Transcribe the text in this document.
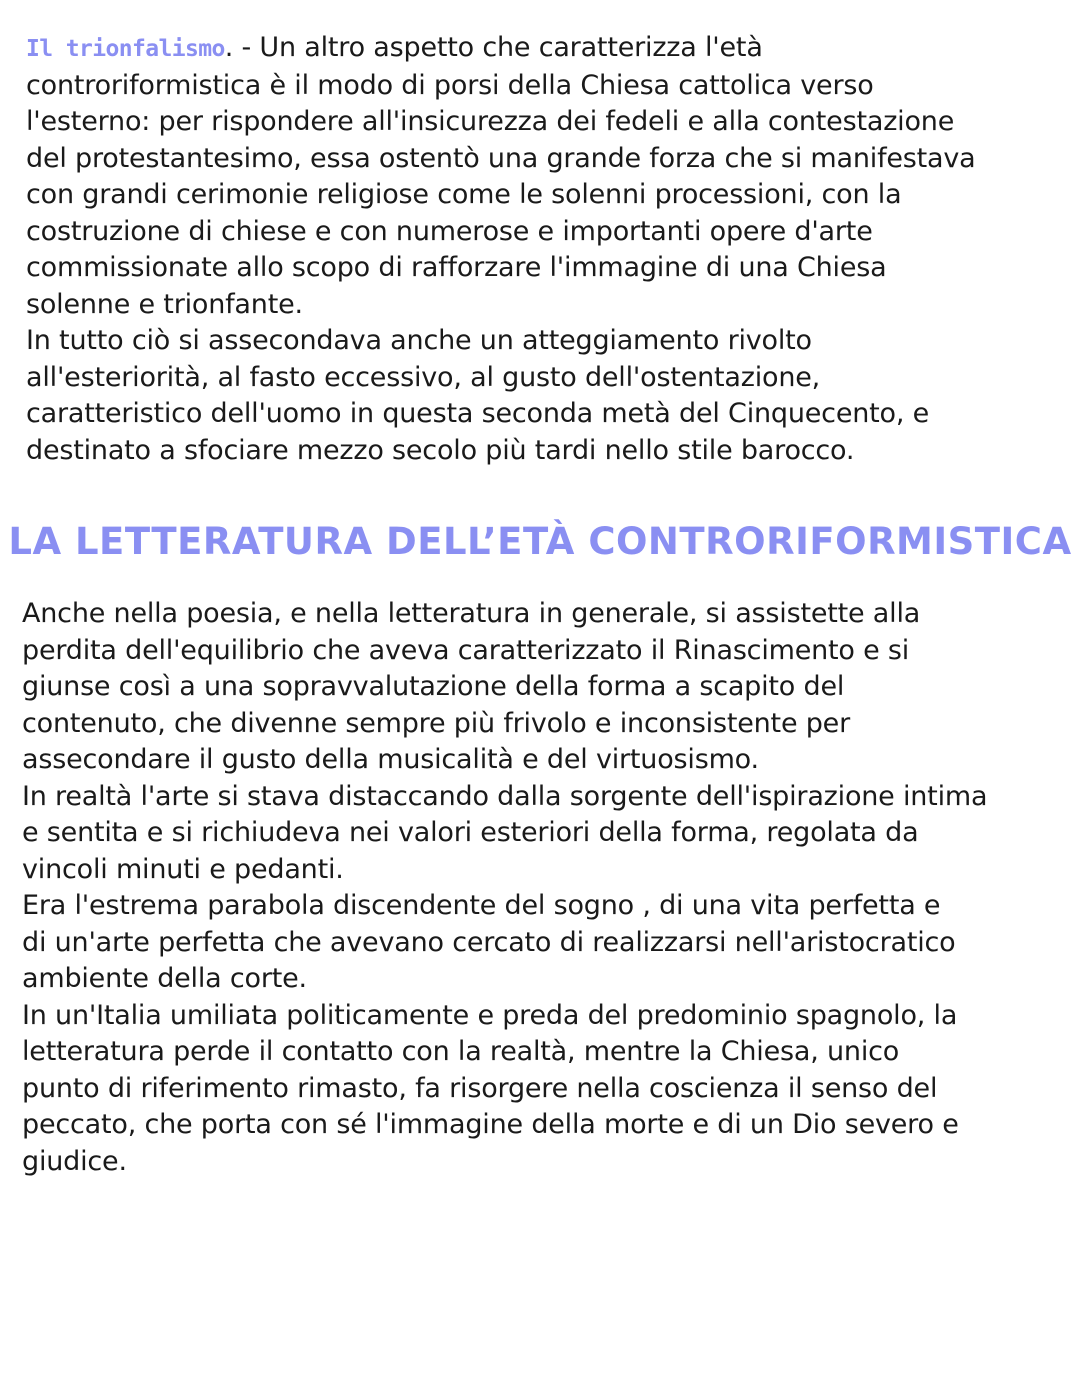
Il trionfalismo. - Un altro aspetto che caratterizza l'età
controriformistica è il modo di porsi della Chiesa cattolica verso
l'esterno: per rispondere all'insicurezza dei fedeli e alla contestazione
del protestantesimo, essa ostentò una grande forza che si manifestava
con grandi cerimonie religiose come le solenni processioni, con la
costruzione di chiese e con numerose e importanti opere d'arte
commissionate allo scopo di rafforzare l'immagine di una Chiesa
solenne e trionfante.

In tutto ciò si assecondava anche un atteggiamento rivolto
all'esteriorità, al fasto eccessivo, al gusto dell'ostentazione,
caratteristico dell'uomo in questa seconda metà del Cinquecento, e
destinato a sfociare mezzo secolo più tardi nello stile barocco.

LA LETTERATURA DELL’ETÀ CONTRORIFORMISTICA

Anche nella poesia, e nella letteratura in generale, si assistette alla
perdita dell'equilibrio che aveva caratterizzato il Rinascimento e si
giunse così a una sopravvalutazione della forma a scapito del
contenuto, che divenne sempre più frivolo e inconsistente per
assecondare il gusto della musicalità e del virtuosismo.

In realtà l'arte si stava distaccando dalla sorgente dell'ispirazione intima
e sentita e si richiudeva nei valori esteriori della forma, regolata da
vincoli minuti e pedanti.

Era l'estrema parabola discendente del sogno , di una vita perfetta e
di un'arte perfetta che avevano cercato di realizzarsi nell'aristocratico
ambiente della corte.

In un'Italia umiliata politicamente e preda del predominio spagnolo, la
letteratura perde il contatto con la realtà, mentre la Chiesa, unico
punto di riferimento rimasto, fa risorgere nella coscienza il senso del
peccato, che porta con sé l'immagine della morte e di un Dio severo e
giudice.
